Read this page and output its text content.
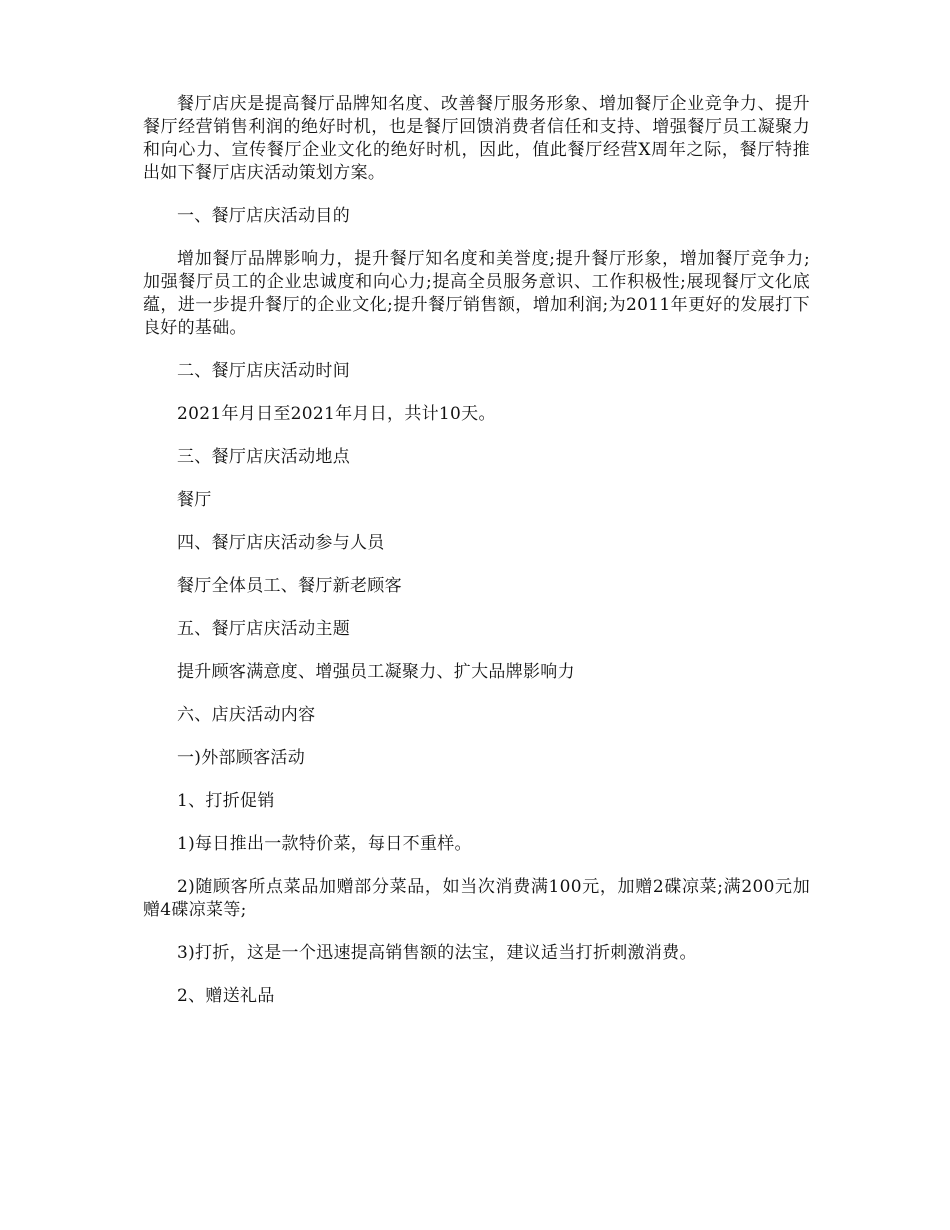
餐厅店庆是提高餐厅品牌知名度、改善餐厅服务形象、增加餐厅企业竞争力、提升餐厅经营销售利润的绝好时机，也是餐厅回馈消费者信任和支持、增强餐厅员工凝聚力和向心力、宣传餐厅企业文化的绝好时机，因此，值此餐厅经营X周年之际，餐厅特推出如下餐厅店庆活动策划方案。

一、餐厅店庆活动目的

增加餐厅品牌影响力，提升餐厅知名度和美誉度;提升餐厅形象，增加餐厅竞争力;加强餐厅员工的企业忠诚度和向心力;提高全员服务意识、工作积极性;展现餐厅文化底蕴，进一步提升餐厅的企业文化;提升餐厅销售额，增加利润;为2011年更好的发展打下良好的基础。

二、餐厅店庆活动时间

2021年月日至2021年月日，共计10天。

三、餐厅店庆活动地点

餐厅

四、餐厅店庆活动参与人员

餐厅全体员工、餐厅新老顾客

五、餐厅店庆活动主题

提升顾客满意度、增强员工凝聚力、扩大品牌影响力

六、店庆活动内容

一)外部顾客活动

1、打折促销

1)每日推出一款特价菜，每日不重样。

2)随顾客所点菜品加赠部分菜品，如当次消费满100元，加赠2碟凉菜;满200元加赠4碟凉菜等;

3)打折，这是一个迅速提高销售额的法宝，建议适当打折刺激消费。

2、赠送礼品
